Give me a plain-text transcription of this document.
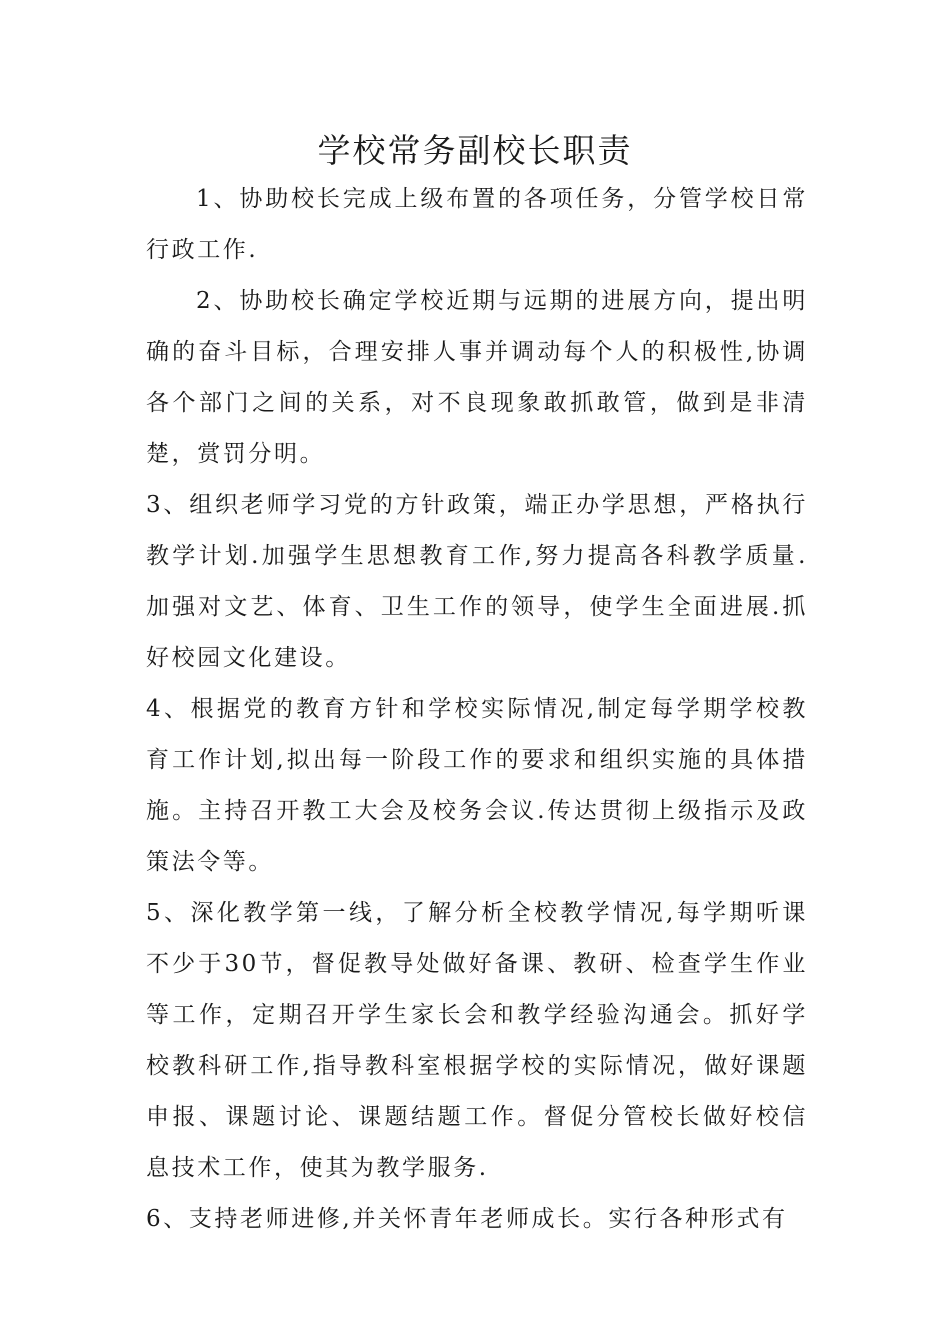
学校常务副校长职责

1、协助校长完成上级布置的各项任务，分管学校日常行政工作.

2、协助校长确定学校近期与远期的进展方向，提出明确的奋斗目标，合理安排人事并调动每个人的积极性,协调各个部门之间的关系，对不良现象敢抓敢管，做到是非清楚，赏罚分明。

3、组织老师学习党的方针政策，端正办学思想，严格执行教学计划.加强学生思想教育工作,努力提高各科教学质量.加强对文艺、体育、卫生工作的领导，使学生全面进展.抓好校园文化建设。

4、根据党的教育方针和学校实际情况,制定每学期学校教育工作计划,拟出每一阶段工作的要求和组织实施的具体措施。主持召开教工大会及校务会议.传达贯彻上级指示及政策法令等。

5、深化教学第一线，了解分析全校教学情况,每学期听课不少于30节，督促教导处做好备课、教研、检查学生作业等工作，定期召开学生家长会和教学经验沟通会。抓好学校教科研工作,指导教科室根据学校的实际情况，做好课题申报、课题讨论、课题结题工作。督促分管校长做好校信息技术工作，使其为教学服务.

6、支持老师进修,并关怀青年老师成长。实行各种形式有
